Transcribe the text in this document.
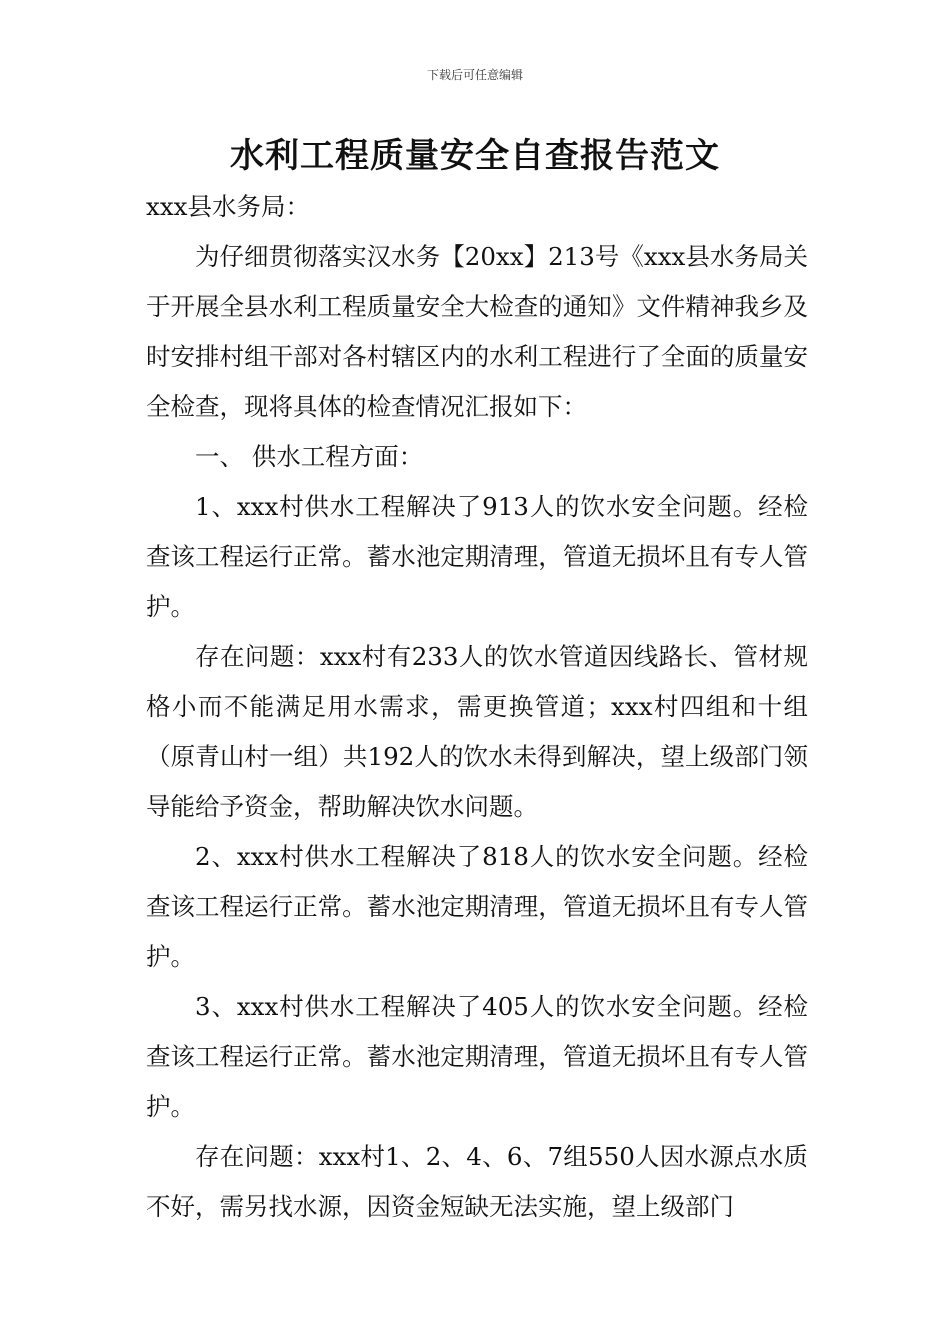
下载后可任意编辑
水利工程质量安全自查报告范文

xxx县水务局：

为仔细贯彻落实汉水务【20xx】213号《xxx县水务局关于开展全县水利工程质量安全大检查的通知》文件精神我乡及时安排村组干部对各村辖区内的水利工程进行了全面的质量安全检查，现将具体的检查情况汇报如下：

一、 供水工程方面：

1、xxx村供水工程解决了913人的饮水安全问题。经检查该工程运行正常。蓄水池定期清理，管道无损坏且有专人管护。

存在问题：xxx村有233人的饮水管道因线路长、管材规格小而不能满足用水需求，需更换管道；xxx村四组和十组（原青山村一组）共192人的饮水未得到解决，望上级部门领导能给予资金，帮助解决饮水问题。

2、xxx村供水工程解决了818人的饮水安全问题。经检查该工程运行正常。蓄水池定期清理，管道无损坏且有专人管护。

3、xxx村供水工程解决了405人的饮水安全问题。经检查该工程运行正常。蓄水池定期清理，管道无损坏且有专人管护。

存在问题：xxx村1、2、4、6、7组550人因水源点水质不好，需另找水源，因资金短缺无法实施，望上级部门
